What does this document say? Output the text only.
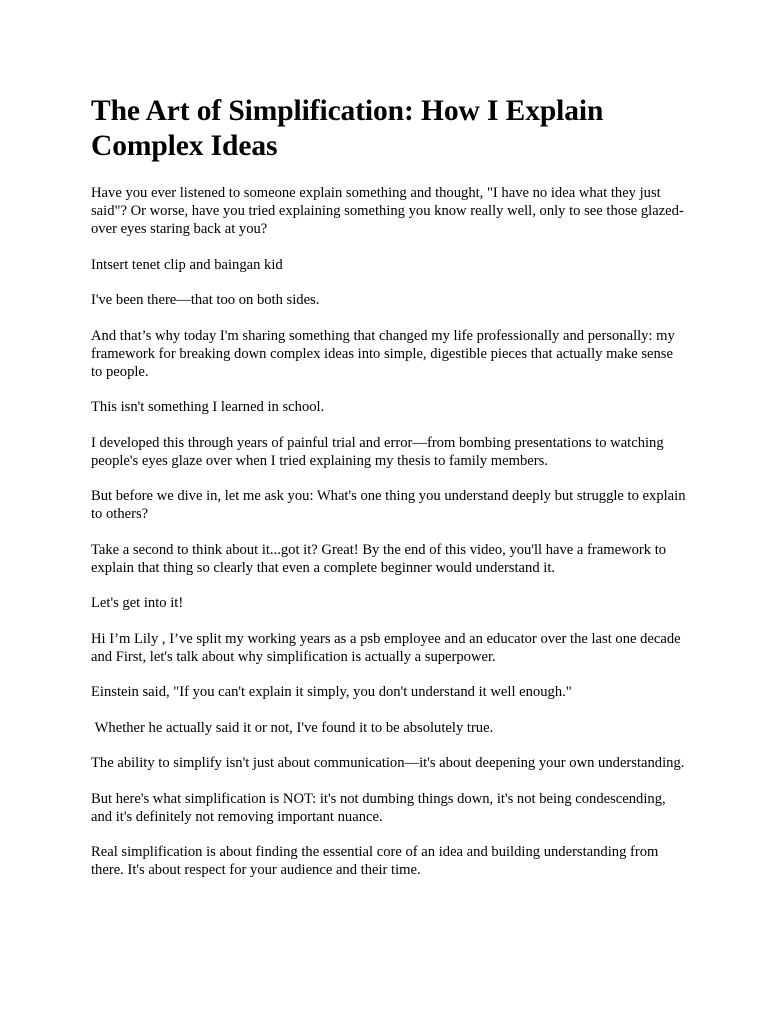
The Art of Simplification: How I Explain Complex Ideas

Have you ever listened to someone explain something and thought, "I have no idea what they just said"? Or worse, have you tried explaining something you know really well, only to see those glazed-over eyes staring back at you?

Intsert tenet clip and baingan kid

I've been there—that too on both sides.

And that’s why today I'm sharing something that changed my life professionally and personally: my framework for breaking down complex ideas into simple, digestible pieces that actually make sense to people.

This isn't something I learned in school.

I developed this through years of painful trial and error—from bombing presentations to watching people's eyes glaze over when I tried explaining my thesis to family members.

But before we dive in, let me ask you: What's one thing you understand deeply but struggle to explain to others?

Take a second to think about it...got it? Great! By the end of this video, you'll have a framework to explain that thing so clearly that even a complete beginner would understand it.

Let's get into it!

Hi I’m Lily , I’ve split my working years as a psb employee and an educator over the last one decade and First, let's talk about why simplification is actually a superpower.

Einstein said, "If you can't explain it simply, you don't understand it well enough."

Whether he actually said it or not, I've found it to be absolutely true.

The ability to simplify isn't just about communication—it's about deepening your own understanding.

But here's what simplification is NOT: it's not dumbing things down, it's not being condescending, and it's definitely not removing important nuance.

Real simplification is about finding the essential core of an idea and building understanding from there. It's about respect for your audience and their time.
